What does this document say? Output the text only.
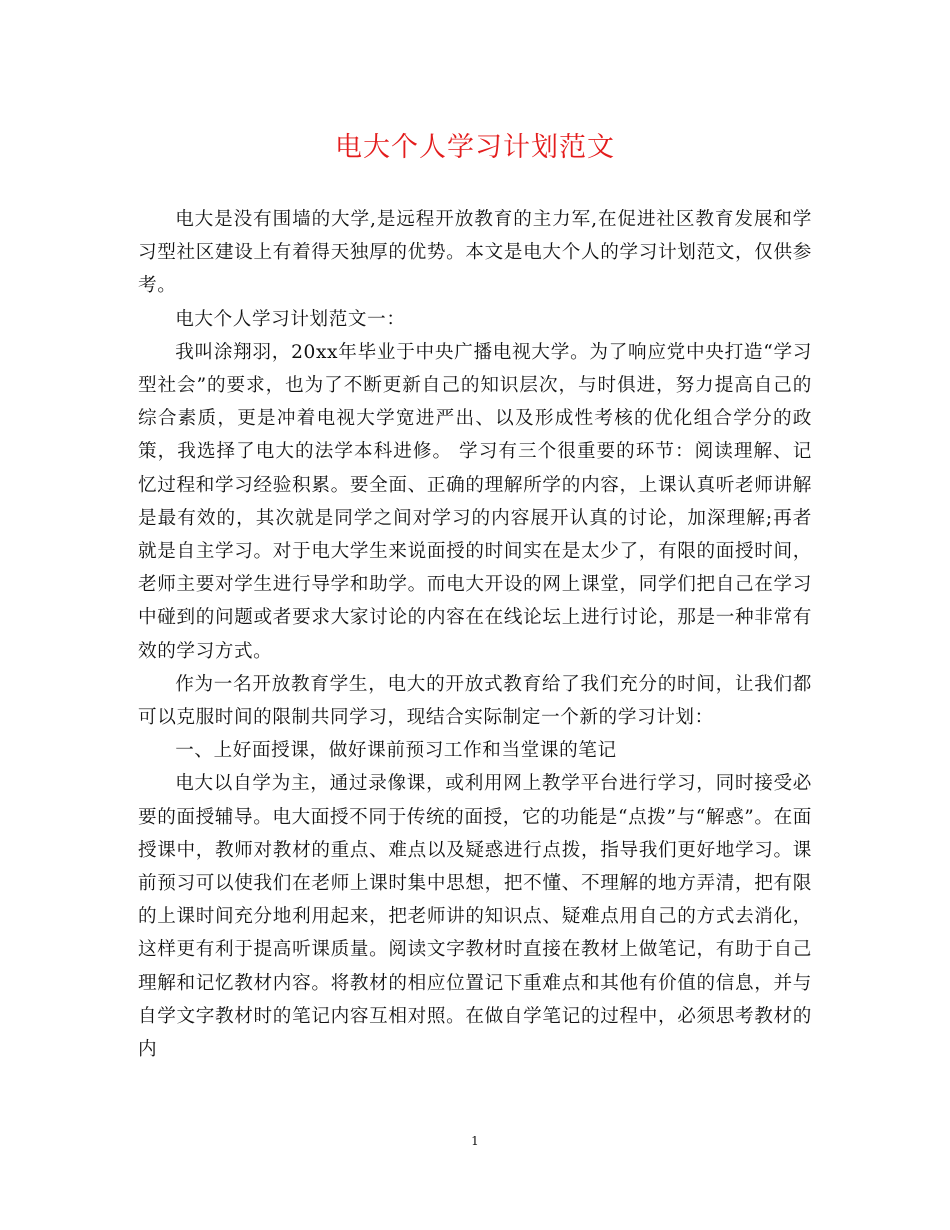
电大个人学习计划范文

电大是没有围墙的大学,是远程开放教育的主力军,在促进社区教育发展和学习型社区建设上有着得天独厚的优势。本文是电大个人的学习计划范文，仅供参考。

电大个人学习计划范文一：

我叫涂翔羽，20xx年毕业于中央广播电视大学。为了响应党中央打造“学习型社会”的要求，也为了不断更新自己的知识层次，与时俱进，努力提高自己的综合素质，更是冲着电视大学宽进严出、以及形成性考核的优化组合学分的政策，我选择了电大的法学本科进修。 学习有三个很重要的环节：阅读理解、记忆过程和学习经验积累。要全面、正确的理解所学的内容，上课认真听老师讲解是最有效的，其次就是同学之间对学习的内容展开认真的讨论，加深理解;再者就是自主学习。对于电大学生来说面授的时间实在是太少了，有限的面授时间，老师主要对学生进行导学和助学。而电大开设的网上课堂，同学们把自己在学习中碰到的问题或者要求大家讨论的内容在在线论坛上进行讨论，那是一种非常有效的学习方式。

作为一名开放教育学生，电大的开放式教育给了我们充分的时间，让我们都可以克服时间的限制共同学习，现结合实际制定一个新的学习计划：

一、上好面授课，做好课前预习工作和当堂课的笔记

电大以自学为主，通过录像课，或利用网上教学平台进行学习，同时接受必要的面授辅导。电大面授不同于传统的面授，它的功能是“点拨”与“解惑”。在面授课中，教师对教材的重点、难点以及疑惑进行点拨，指导我们更好地学习。课前预习可以使我们在老师上课时集中思想，把不懂、不理解的地方弄清，把有限的上课时间充分地利用起来，把老师讲的知识点、疑难点用自己的方式去消化，这样更有利于提高听课质量。阅读文字教材时直接在教材上做笔记，有助于自己理解和记忆教材内容。将教材的相应位置记下重难点和其他有价值的信息，并与自学文字教材时的笔记内容互相对照。在做自学笔记的过程中，必须思考教材的内

1
